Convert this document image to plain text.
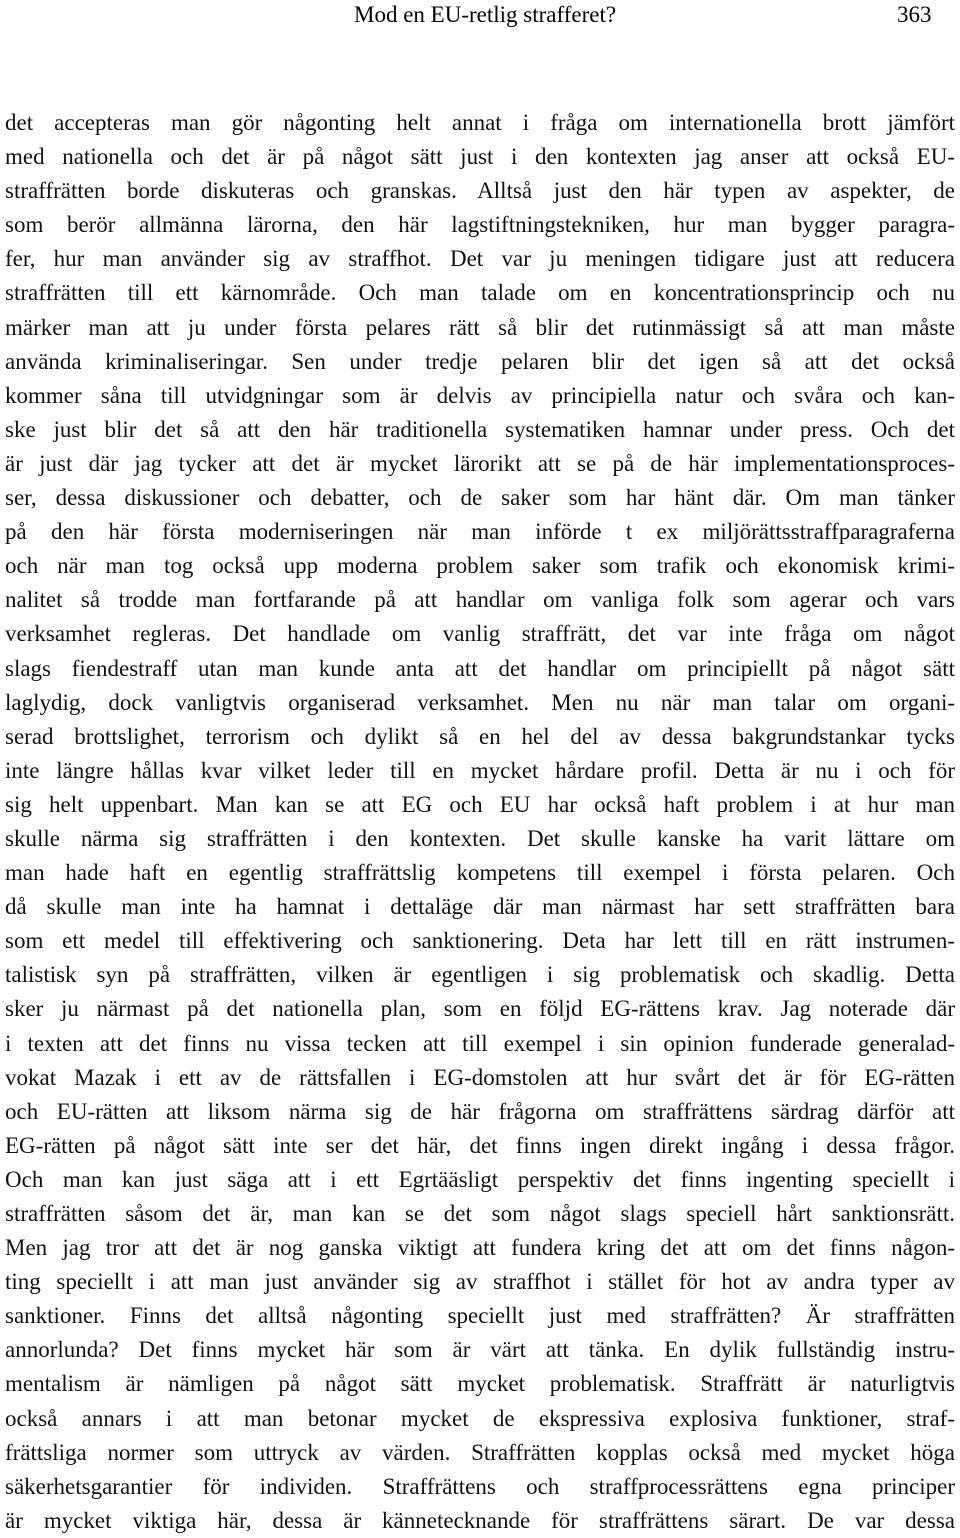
Mod en EU-retlig strafferet?	363
det accepteras man gör någonting helt annat i fråga om internationella brott jämfört
med nationella och det är på något sätt just i den kontexten jag anser att också EU-
straffrätten borde diskuteras och granskas. Alltså just den här typen av aspekter, de
som berör allmänna lärorna, den här lagstiftningstekniken, hur man bygger paragra-
fer, hur man använder sig av straffhot. Det var ju meningen tidigare just att reducera
straffrätten till ett kärnområde. Och man talade om en koncentrationsprincip och nu
märker man att ju under första pelares rätt så blir det rutinmässigt så att man måste
använda kriminaliseringar. Sen under tredje pelaren blir det igen så att det också
kommer såna till utvidgningar som är delvis av principiella natur och svåra och kan-
ske just blir det så att den här traditionella systematiken hamnar under press. Och det
är just där jag tycker att det är mycket lärorikt att se på de här implementationsproces-
ser, dessa diskussioner och debatter, och de saker som har hänt där. Om man tänker
på den här första moderniseringen när man införde t ex miljörättsstraffparagraferna
och när man tog också upp moderna problem saker som trafik och ekonomisk krimi-
nalitet så trodde man fortfarande på att handlar om vanliga folk som agerar och vars
verksamhet regleras. Det handlade om vanlig straffrätt, det var inte fråga om något
slags fiendestraff utan man kunde anta att det handlar om principiellt på något sätt
laglydig, dock vanligtvis organiserad verksamhet. Men nu när man talar om organi-
serad brottslighet, terrorism och dylikt så en hel del av dessa bakgrundstankar tycks
inte längre hållas kvar vilket leder till en mycket hårdare profil. Detta är nu i och för
sig helt uppenbart. Man kan se att EG och EU har också haft problem i at hur man
skulle närma sig straffrätten i den kontexten. Det skulle kanske ha varit lättare om
man hade haft en egentlig straffrättslig kompetens till exempel i första pelaren. Och
då skulle man inte ha hamnat i dettaläge där man närmast har sett straffrätten bara
som ett medel till effektivering och sanktionering. Deta har lett till en rätt instrumen-
talistisk syn på straffrätten, vilken är egentligen i sig problematisk och skadlig. Detta
sker ju närmast på det nationella plan, som en följd EG-rättens krav. Jag noterade där
i texten att det finns nu vissa tecken att till exempel i sin opinion funderade generalad-
vokat Mazak i ett av de rättsfallen i EG-domstolen att hur svårt det är för EG-rätten
och EU-rätten att liksom närma sig de här frågorna om straffrättens särdrag därför att
EG-rätten på något sätt inte ser det här, det finns ingen direkt ingång i dessa frågor.
Och man kan just säga att i ett Egrtääsligt perspektiv det finns ingenting speciellt i
straffrätten såsom det är, man kan se det som något slags speciell hårt sanktionsrätt.
Men jag tror att det är nog ganska viktigt att fundera kring det att om det finns någon-
ting speciellt i att man just använder sig av straffhot i stället för hot av andra typer av
sanktioner. Finns det alltså någonting speciellt just med straffrätten? Är straffrätten
annorlunda? Det finns mycket här som är värt att tänka. En dylik fullständig instru-
mentalism är nämligen på något sätt mycket problematisk. Straffrätt är naturligtvis
också annars i att man betonar mycket de ekspressiva explosiva funktioner, straf-
frättsliga normer som uttryck av värden. Straffrätten kopplas också med mycket höga
säkerhetsgarantier för individen. Straffrättens och straffprocessrättens egna principer
är mycket viktiga här, dessa är kännetecknande för straffrättens särart. De var dessa
